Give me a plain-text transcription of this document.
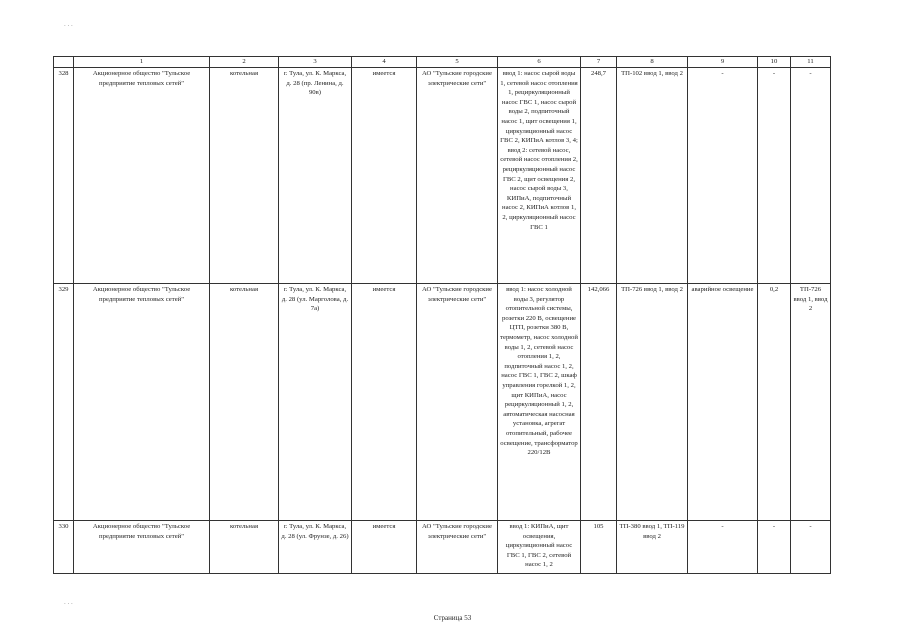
. . .
. . .
	1	2	3	4	5	6	7	8	9	10	11
328	Акционерное общество "Тульское предприятие тепловых сетей"	котельная	г. Тула, ул. К. Маркса, д. 28 (пр. Ленина, д. 90в)	имеется	АО "Тульские городские электрические сети"	ввод 1: насос сырой воды 1, сетевой насос отопления 1, рециркуляционный насос ГВС 1, насос сырой воды 2, подпиточный насос 1, щит освещения 1, циркуляционный насос ГВС 2, КИПиА котлов 3, 4; ввод 2: сетевой насос, сетевой насос отопления 2, рециркуляционный насос ГВС 2, щит освещения 2, насос сырой воды 3, КИПиА, подпиточный насос 2, КИПиА котлов 1, 2, циркуляционный насос ГВС 1	248,7	ТП-102 ввод 1, ввод 2	-	-	-
329	Акционерное общество "Тульское предприятие тепловых сетей"	котельная	г. Тула, ул. К. Маркса, д. 28 (ул. Марголова, д. 7а)	имеется	АО "Тульские городские электрические сети"	ввод 1: насос холодной воды 3, регулятор отопительной системы, розетки 220 В, освещение ЦТП, розетки 380 В, термометр, насос холодной воды 1, 2, сетевой насос отопления 1, 2, подпиточный насос 1, 2, насос ГВС 1, ГВС 2, шкаф управления горелкой 1, 2, щит КИПиА, насос рециркуляционный 1, 2, автоматическая насосная установка, агрегат отопительный, рабочее освещение, трансформатор 220/12В	142,066	ТП-726 ввод 1, ввод 2	аварийное освещение	0,2	ТП-726 ввод 1, ввод 2
330	Акционерное общество "Тульское предприятие тепловых сетей"	котельная	г. Тула, ул. К. Маркса, д. 28 (ул. Фрунзе, д. 26)	имеется	АО "Тульские городские электрические сети"	ввод 1: КИПиА, щит освещения, циркуляционный насос ГВС 1, ГВС 2, сетевой насос 1, 2	105	ТП-380 ввод 1, ТП-119 ввод 2	-	-	-
Страница 53
